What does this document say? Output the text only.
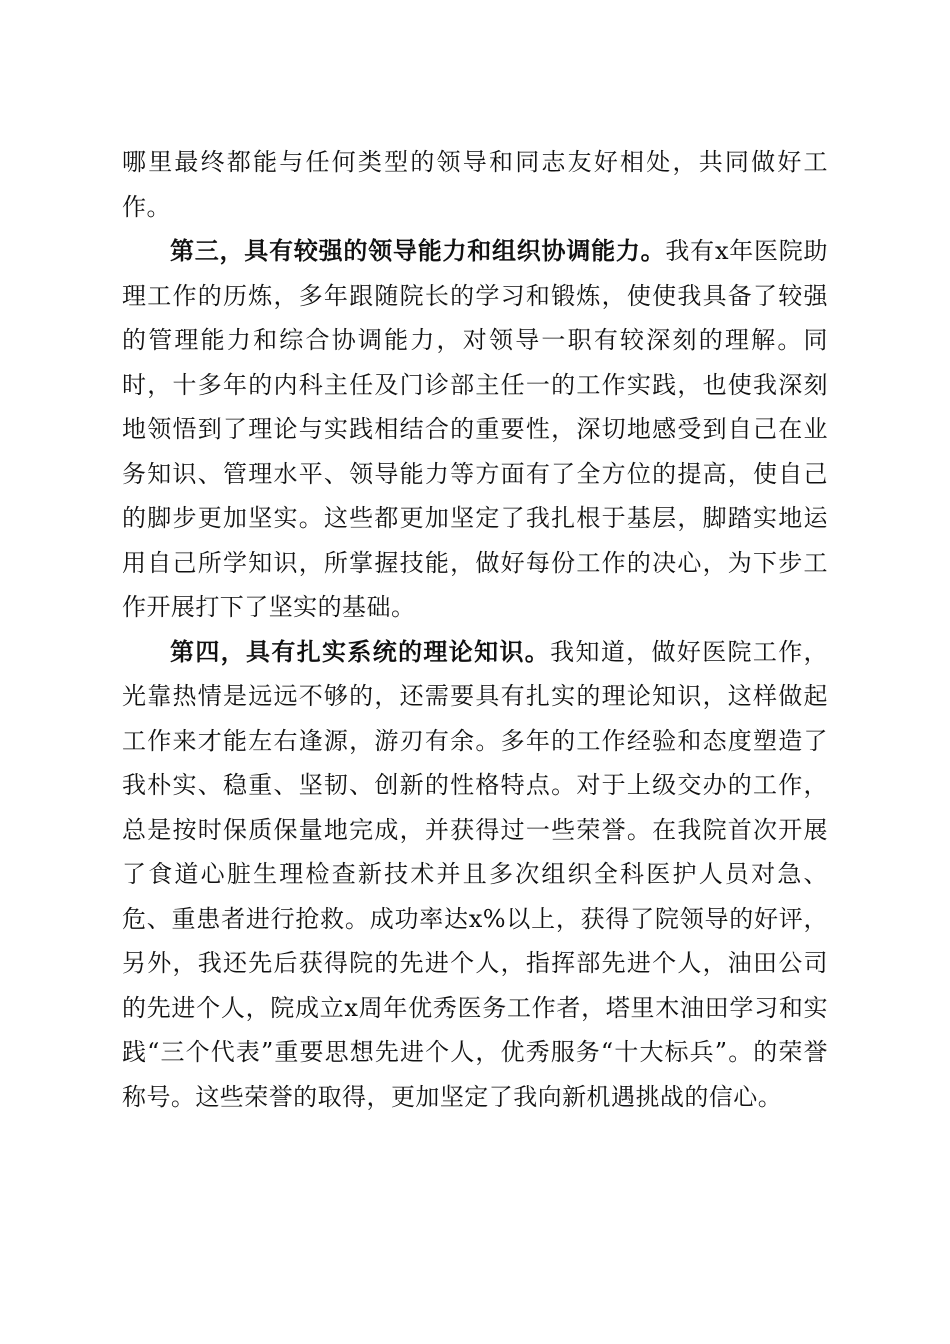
哪里最终都能与任何类型的领导和同志友好相处，共同做好工作。

第三，具有较强的领导能力和组织协调能力。我有x年医院助理工作的历炼，多年跟随院长的学习和锻炼，使使我具备了较强的管理能力和综合协调能力，对领导一职有较深刻的理解。同时，十多年的内科主任及门诊部主任一的工作实践，也使我深刻地领悟到了理论与实践相结合的重要性，深切地感受到自己在业务知识、管理水平、领导能力等方面有了全方位的提高，使自己的脚步更加坚实。这些都更加坚定了我扎根于基层，脚踏实地运用自己所学知识，所掌握技能，做好每份工作的决心，为下步工作开展打下了坚实的基础。

第四，具有扎实系统的理论知识。我知道，做好医院工作，光靠热情是远远不够的，还需要具有扎实的理论知识，这样做起工作来才能左右逢源，游刃有余。多年的工作经验和态度塑造了我朴实、稳重、坚韧、创新的性格特点。对于上级交办的工作，总是按时保质保量地完成，并获得过一些荣誉。在我院首次开展了食道心脏生理检查新技术并且多次组织全科医护人员对急、危、重患者进行抢救。成功率达x%以上，获得了院领导的好评，另外，我还先后获得院的先进个人，指挥部先进个人，油田公司的先进个人，院成立x周年优秀医务工作者，塔里木油田学习和实践“三个代表”重要思想先进个人，优秀服务“十大标兵”。的荣誉称号。这些荣誉的取得，更加坚定了我向新机遇挑战的信心。
